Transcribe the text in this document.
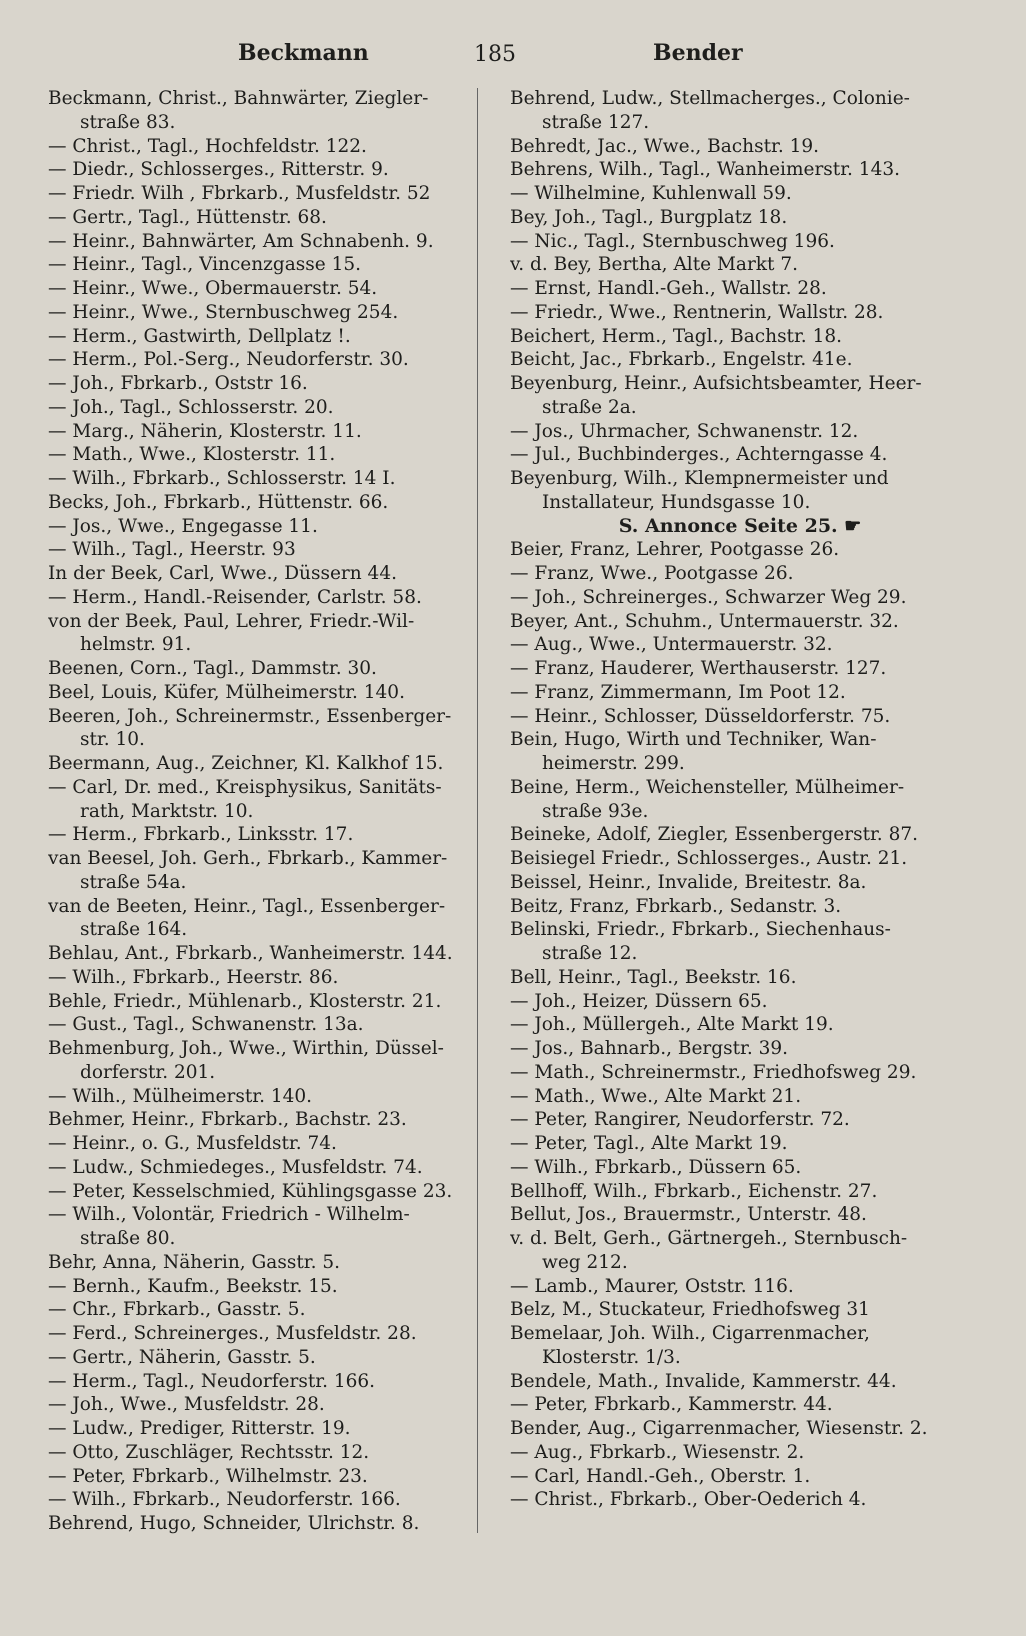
Beckmann	185	Bender
Beckmann, Christ., Bahnwärter, Ziegler-
straße 83.
— Christ., Tagl., Hochfeldstr. 122.
— Diedr., Schlosserges., Ritterstr. 9.
— Friedr. Wilh , Fbrkarb., Musfeldstr. 52
— Gertr., Tagl., Hüttenstr. 68.
— Heinr., Bahnwärter, Am Schnabenh. 9.
— Heinr., Tagl., Vincenzgasse 15.
— Heinr., Wwe., Obermauerstr. 54.
— Heinr., Wwe., Sternbuschweg 254.
— Herm., Gastwirth, Dellplatz !.
— Herm., Pol.-Serg., Neudorferstr. 30.
— Joh., Fbrkarb., Oststr 16.
— Joh., Tagl., Schlosserstr. 20.
— Marg., Näherin, Klosterstr. 11.
— Math., Wwe., Klosterstr. 11.
— Wilh., Fbrkarb., Schlosserstr. 14 I.
Becks, Joh., Fbrkarb., Hüttenstr. 66.
— Jos., Wwe., Engegasse 11.
— Wilh., Tagl., Heerstr. 93
In der Beek, Carl, Wwe., Düssern 44.
— Herm., Handl.-Reisender, Carlstr. 58.
von der Beek, Paul, Lehrer, Friedr.-Wil-
helmstr. 91.
Beenen, Corn., Tagl., Dammstr. 30.
Beel, Louis, Küfer, Mülheimerstr. 140.
Beeren, Joh., Schreinermstr., Essenberger-
str. 10.
Beermann, Aug., Zeichner, Kl. Kalkhof 15.
— Carl, Dr. med., Kreisphysikus, Sanitäts-
rath, Marktstr. 10.
— Herm., Fbrkarb., Linksstr. 17.
van Beesel, Joh. Gerh., Fbrkarb., Kammer-
straße 54a.
van de Beeten, Heinr., Tagl., Essenberger-
straße 164.
Behlau, Ant., Fbrkarb., Wanheimerstr. 144.
— Wilh., Fbrkarb., Heerstr. 86.
Behle, Friedr., Mühlenarb., Klosterstr. 21.
— Gust., Tagl., Schwanenstr. 13a.
Behmenburg, Joh., Wwe., Wirthin, Düssel-
dorferstr. 201.
— Wilh., Mülheimerstr. 140.
Behmer, Heinr., Fbrkarb., Bachstr. 23.
— Heinr., o. G., Musfeldstr. 74.
— Ludw., Schmiedeges., Musfeldstr. 74.
— Peter, Kesselschmied, Kühlingsgasse 23.
— Wilh., Volontär, Friedrich - Wilhelm-
straße 80.
Behr, Anna, Näherin, Gasstr. 5.
— Bernh., Kaufm., Beekstr. 15.
— Chr., Fbrkarb., Gasstr. 5.
— Ferd., Schreinerges., Musfeldstr. 28.
— Gertr., Näherin, Gasstr. 5.
— Herm., Tagl., Neudorferstr. 166.
— Joh., Wwe., Musfeldstr. 28.
— Ludw., Prediger, Ritterstr. 19.
— Otto, Zuschläger, Rechtsstr. 12.
— Peter, Fbrkarb., Wilhelmstr. 23.
— Wilh., Fbrkarb., Neudorferstr. 166.
Behrend, Hugo, Schneider, Ulrichstr. 8.
Behrend, Ludw., Stellmacherges., Colonie-
straße 127.
Behredt, Jac., Wwe., Bachstr. 19.
Behrens, Wilh., Tagl., Wanheimerstr. 143.
— Wilhelmine, Kuhlenwall 59.
Bey, Joh., Tagl., Burgplatz 18.
— Nic., Tagl., Sternbuschweg 196.
v. d. Bey, Bertha, Alte Markt 7.
— Ernst, Handl.-Geh., Wallstr. 28.
— Friedr., Wwe., Rentnerin, Wallstr. 28.
Beichert, Herm., Tagl., Bachstr. 18.
Beicht, Jac., Fbrkarb., Engelstr. 41e.
Beyenburg, Heinr., Aufsichtsbeamter, Heer-
straße 2a.
— Jos., Uhrmacher, Schwanenstr. 12.
— Jul., Buchbinderges., Achterngasse 4.
Beyenburg, Wilh., Klempnermeister und
Installateur, Hundsgasse 10.
S. Annonce Seite 25. ☛
Beier, Franz, Lehrer, Pootgasse 26.
— Franz, Wwe., Pootgasse 26.
— Joh., Schreinerges., Schwarzer Weg 29.
Beyer, Ant., Schuhm., Untermauerstr. 32.
— Aug., Wwe., Untermauerstr. 32.
— Franz, Hauderer, Werthauserstr. 127.
— Franz, Zimmermann, Im Poot 12.
— Heinr., Schlosser, Düsseldorferstr. 75.
Bein, Hugo, Wirth und Techniker, Wan-
heimerstr. 299.
Beine, Herm., Weichensteller, Mülheimer-
straße 93e.
Beineke, Adolf, Ziegler, Essenbergerstr. 87.
Beisiegel Friedr., Schlosserges., Austr. 21.
Beissel, Heinr., Invalide, Breitestr. 8a.
Beitz, Franz, Fbrkarb., Sedanstr. 3.
Belinski, Friedr., Fbrkarb., Siechenhaus-
straße 12.
Bell, Heinr., Tagl., Beekstr. 16.
— Joh., Heizer, Düssern 65.
— Joh., Müllergeh., Alte Markt 19.
— Jos., Bahnarb., Bergstr. 39.
— Math., Schreinermstr., Friedhofsweg 29.
— Math., Wwe., Alte Markt 21.
— Peter, Rangirer, Neudorferstr. 72.
— Peter, Tagl., Alte Markt 19.
— Wilh., Fbrkarb., Düssern 65.
Bellhoff, Wilh., Fbrkarb., Eichenstr. 27.
Bellut, Jos., Brauermstr., Unterstr. 48.
v. d. Belt, Gerh., Gärtnergeh., Sternbusch-
weg 212.
— Lamb., Maurer, Oststr. 116.
Belz, M., Stuckateur, Friedhofsweg 31
Bemelaar, Joh. Wilh., Cigarrenmacher,
Klosterstr. 1/3.
Bendele, Math., Invalide, Kammerstr. 44.
— Peter, Fbrkarb., Kammerstr. 44.
Bender, Aug., Cigarrenmacher, Wiesenstr. 2.
— Aug., Fbrkarb., Wiesenstr. 2.
— Carl, Handl.-Geh., Oberstr. 1.
— Christ., Fbrkarb., Ober-Oederich 4.
